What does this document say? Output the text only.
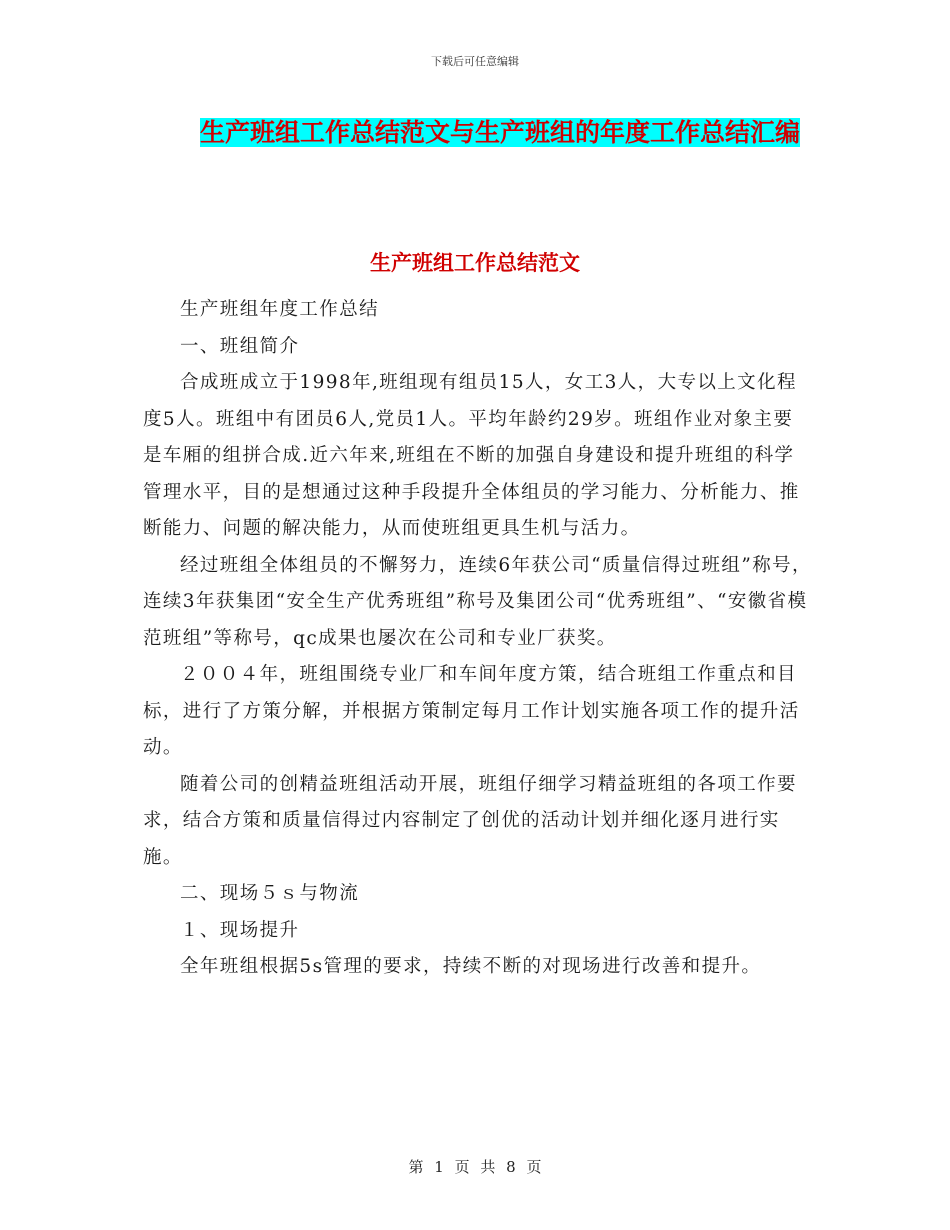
下载后可任意编辑
生产班组工作总结范文与生产班组的年度工作总结汇编
生产班组工作总结范文

生产班组年度工作总结

一、班组简介

合成班成立于1998年,班组现有组员15人，女工3人，大专以上文化程度5人。班组中有团员6人,党员1人。平均年龄约29岁。班组作业对象主要是车厢的组拼合成.近六年来,班组在不断的加强自身建设和提升班组的科学管理水平，目的是想通过这种手段提升全体组员的学习能力、分析能力、推断能力、问题的解决能力，从而使班组更具生机与活力。

经过班组全体组员的不懈努力，连续6年获公司“质量信得过班组”称号，连续3年获集团“安全生产优秀班组”称号及集团公司“优秀班组”、“安徽省模范班组”等称号，qc成果也屡次在公司和专业厂获奖。

２００４年，班组围绕专业厂和车间年度方策，结合班组工作重点和目标，进行了方策分解，并根据方策制定每月工作计划实施各项工作的提升活动。

随着公司的创精益班组活动开展，班组仔细学习精益班组的各项工作要求，结合方策和质量信得过内容制定了创优的活动计划并细化逐月进行实施。

二、现场５ｓ与物流

１、现场提升

全年班组根据5s管理的要求，持续不断的对现场进行改善和提升。

第 1 页 共 8 页
